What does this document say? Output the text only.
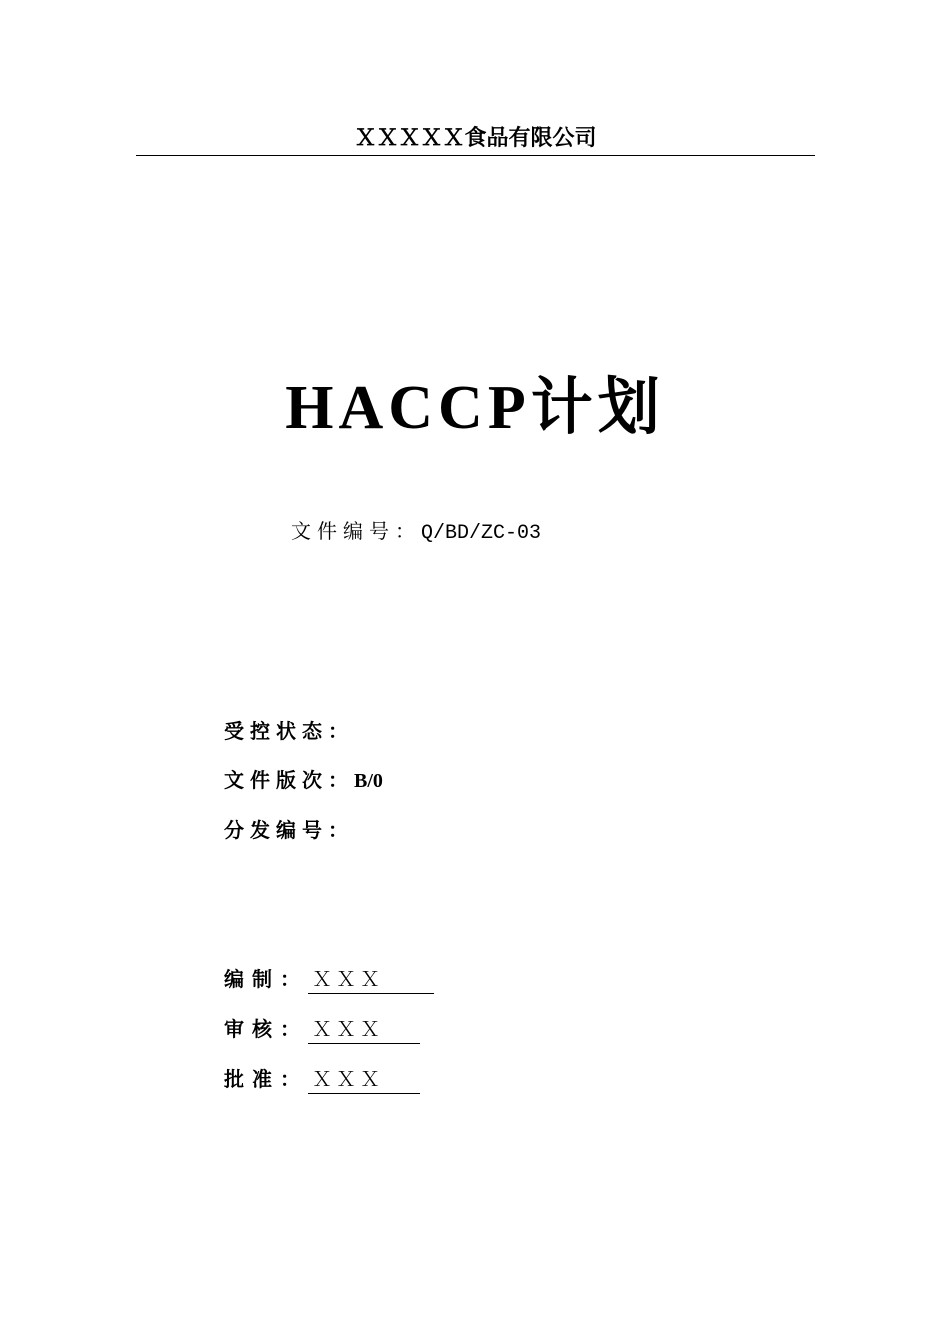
ＸＸＸＸＸ食品有限公司
HACCP计划
文件编号：Q/BD/ZC-03
受控状态：
文件版次：B/0
分发编号：
编制： ＸＸＸ
审核： ＸＸＸ
批准： ＸＸＸ
